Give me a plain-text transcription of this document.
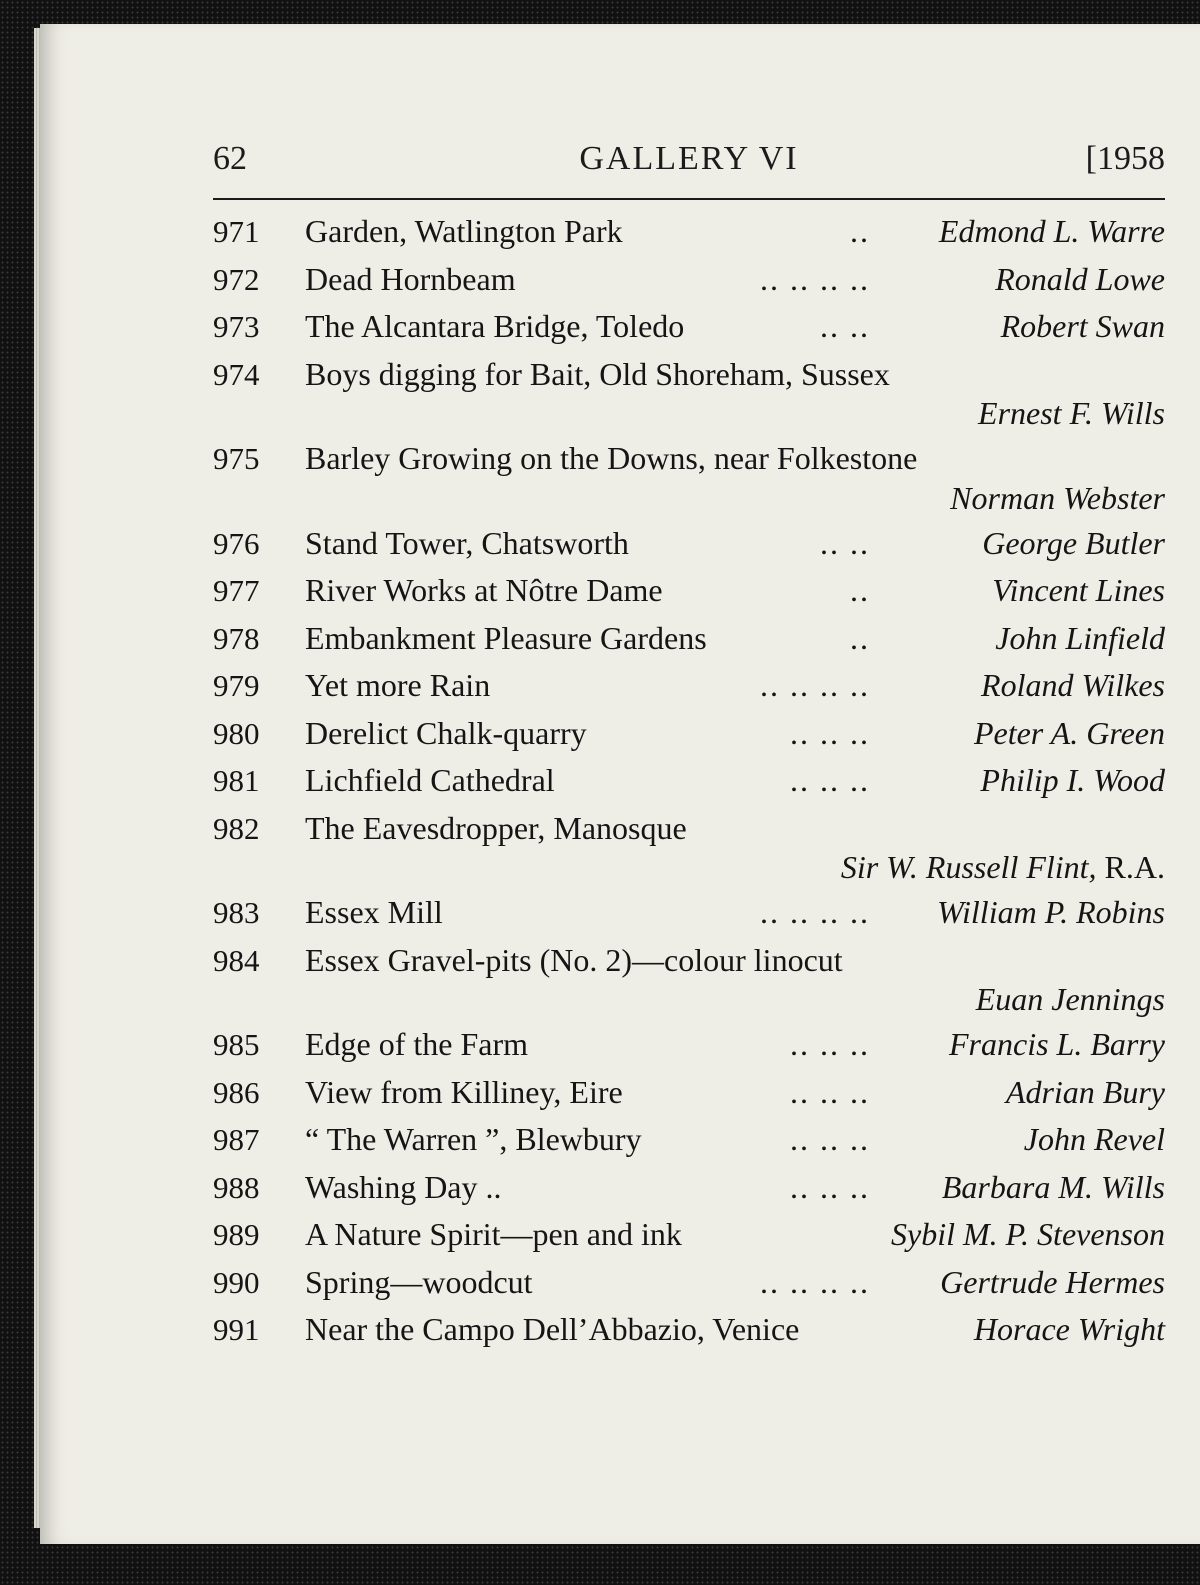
62	GALLERY VI	[1958
971	Garden, Watlington Park	.. Edmond L. Warre
972	Dead Hornbeam	.. .. .. ..	Ronald Lowe
973	The Alcantara Bridge, Toledo	.. ..	Robert Swan
974	Boys digging for Bait, Old Shoreham, Sussex
Ernest F. Wills
975	Barley Growing on the Downs, near Folkestone
Norman Webster
976	Stand Tower, Chatsworth	.. ..	George Butler
977	River Works at Nôtre Dame	..	Vincent Lines
978	Embankment Pleasure Gardens	..	John Linfield
979	Yet more Rain	.. .. .. ..	Roland Wilkes
980	Derelict Chalk-quarry	.. .. ..	Peter A. Green
981	Lichfield Cathedral	.. .. ..	Philip I. Wood
982	The Eavesdropper, Manosque
Sir W. Russell Flint, R.A.
983	Essex Mill	.. .. .. .. William P. Robins
984	Essex Gravel-pits (No. 2)—colour linocut
Euan Jennings
985	Edge of the Farm	.. .. .. Francis L. Barry
986	View from Killiney, Eire	.. .. ..	Adrian Bury
987	“ The Warren ”, Blewbury	.. .. ..	John Revel
988	Washing Day ..	.. .. .. Barbara M. Wills
989	A Nature Spirit—pen and ink	Sybil M. P. Stevenson
990	Spring—woodcut	.. .. .. .. Gertrude Hermes
991	Near the Campo Dell’Abbazio, Venice	Horace Wright
